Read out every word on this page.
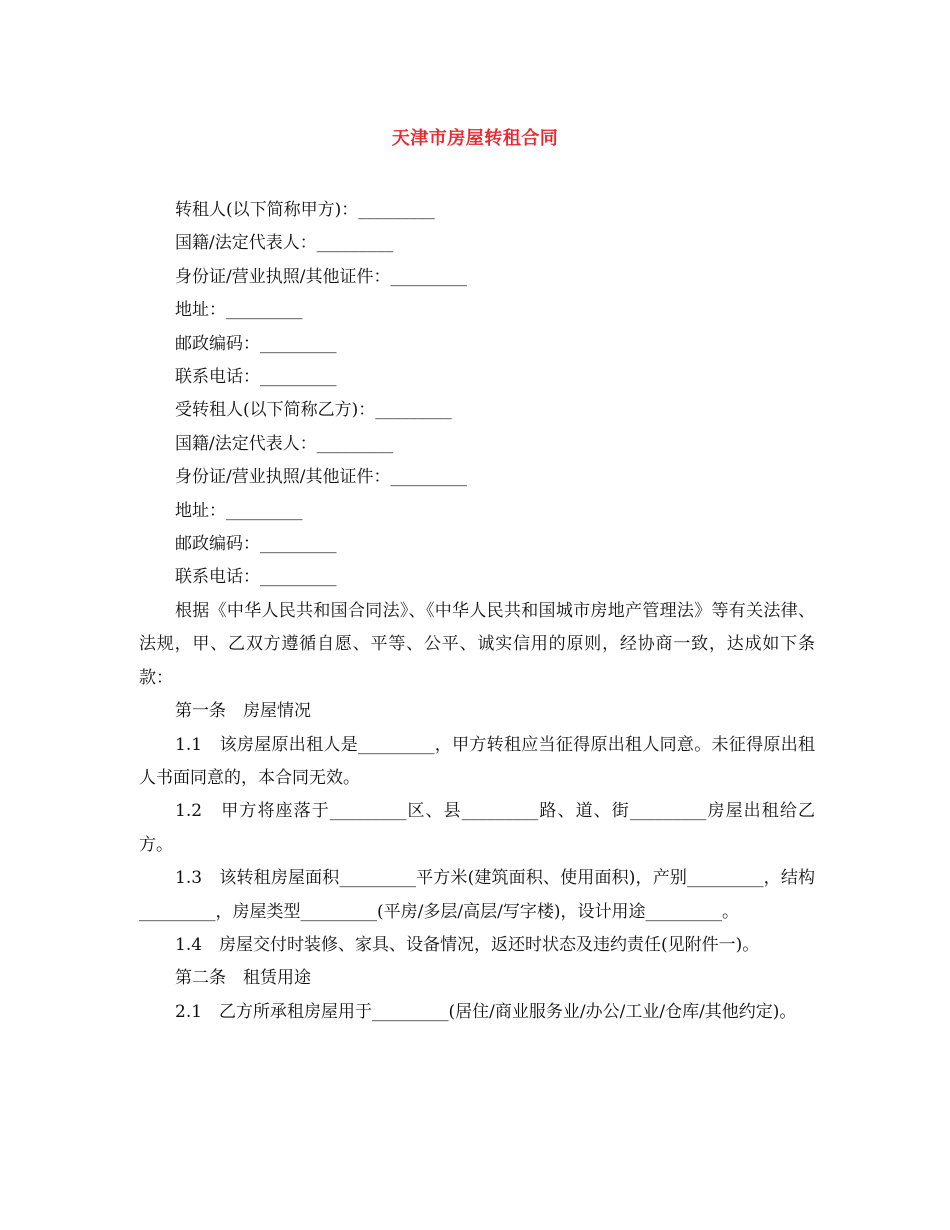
天津市房屋转租合同
转租人(以下简称甲方)：_________
国籍/法定代表人：_________
身份证/营业执照/其他证件：_________
地址：_________
邮政编码：_________
联系电话：_________
受转租人(以下简称乙方)：_________
国籍/法定代表人：_________
身份证/营业执照/其他证件：_________
地址：_________
邮政编码：_________
联系电话：_________

根据《中华人民共和国合同法》、《中华人民共和国城市房地产管理法》等有关法律、法规，甲、乙双方遵循自愿、平等、公平、诚实信用的原则，经协商一致，达成如下条款：

第一条　房屋情况

1.1　该房屋原出租人是_________，甲方转租应当征得原出租人同意。未征得原出租人书面同意的，本合同无效。

1.2　甲方将座落于_________区、县_________路、道、街_________房屋出租给乙方。

1.3　该转租房屋面积_________平方米(建筑面积、使用面积)，产别_________，结构_________，房屋类型_________(平房/多层/高层/写字楼)，设计用途_________。

1.4　房屋交付时装修、家具、设备情况，返还时状态及违约责任(见附件一)。

第二条　租赁用途

2.1　乙方所承租房屋用于_________(居住/商业服务业/办公/工业/仓库/其他约定)。
